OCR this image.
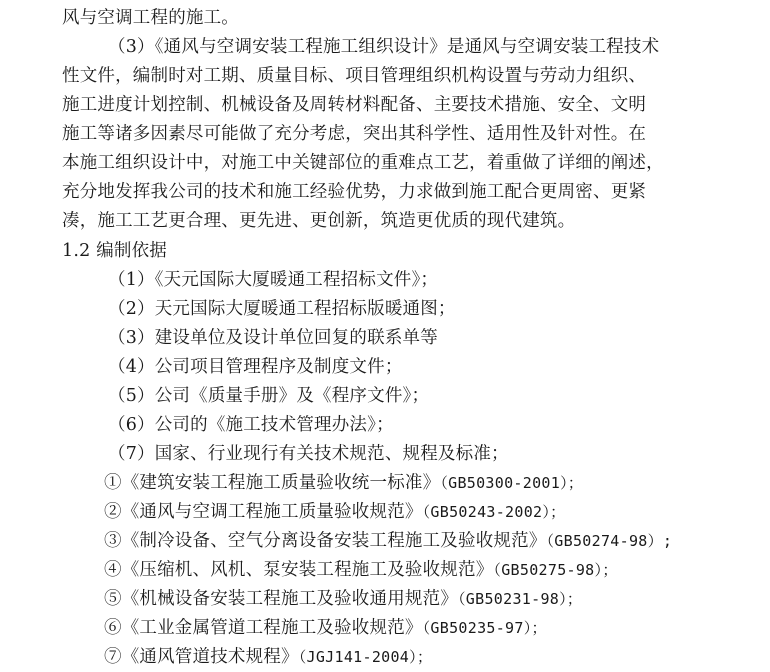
风与空调工程的施工。
（3）《通风与空调安装工程施工组织设计》是通风与空调安装工程技术
性文件，编制时对工期、质量目标、项目管理组织机构设置与劳动力组织、
施工进度计划控制、机械设备及周转材料配备、主要技术措施、安全、文明
施工等诸多因素尽可能做了充分考虑，突出其科学性、适用性及针对性。在
本施工组织设计中，对施工中关键部位的重难点工艺，着重做了详细的阐述，
充分地发挥我公司的技术和施工经验优势，力求做到施工配合更周密、更紧
凑，施工工艺更合理、更先进、更创新，筑造更优质的现代建筑。
1.2 编制依据
（1）《天元国际大厦暖通工程招标文件》；
（2）天元国际大厦暖通工程招标版暖通图；
（3）建设单位及设计单位回复的联系单等
（4）公司项目管理程序及制度文件；
（5）公司《质量手册》及《程序文件》；
（6）公司的《施工技术管理办法》；
（7）国家、行业现行有关技术规范、规程及标准；
①《建筑安装工程施工质量验收统一标准》（GB50300-2001）；
②《通风与空调工程施工质量验收规范》（GB50243-2002）；
③《制冷设备、空气分离设备安装工程施工及验收规范》（GB50274-98）;
④《压缩机、风机、泵安装工程施工及验收规范》（GB50275-98）；
⑤《机械设备安装工程施工及验收通用规范》（GB50231-98）；
⑥《工业金属管道工程施工及验收规范》（GB50235-97）；
⑦《通风管道技术规程》（JGJ141-2004）；
